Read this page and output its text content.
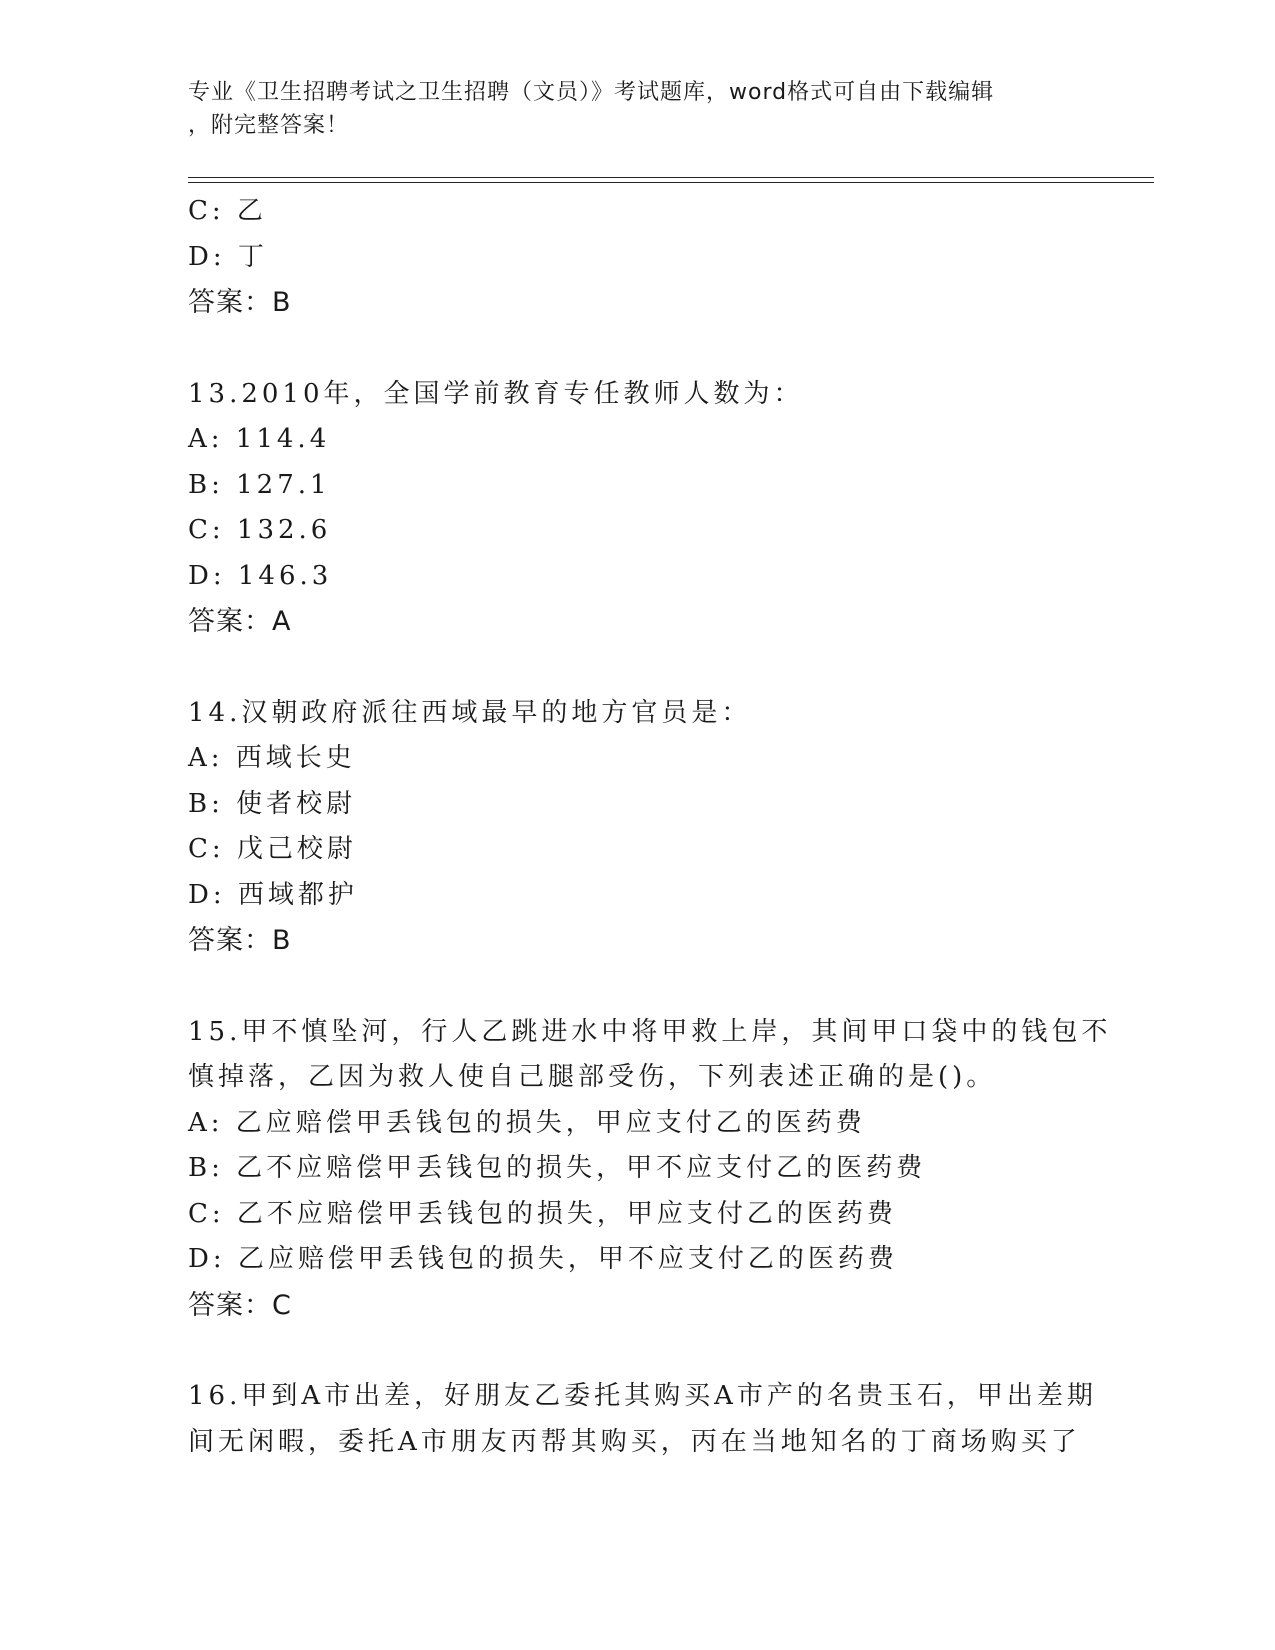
专业《卫生招聘考试之卫生招聘（文员）》考试题库，word格式可自由下载编辑
，附完整答案！
C: 乙
D: 丁
答案：B
13.2010年，全国学前教育专任教师人数为：
A: 114.4
B: 127.1
C: 132.6
D: 146.3
答案：A
14.汉朝政府派往西域最早的地方官员是：
A: 西域长史
B: 使者校尉
C: 戊己校尉
D: 西域都护
答案：B
15.甲不慎坠河，行人乙跳进水中将甲救上岸，其间甲口袋中的钱包不
慎掉落，乙因为救人使自己腿部受伤，下列表述正确的是()。
A: 乙应赔偿甲丢钱包的损失，甲应支付乙的医药费
B: 乙不应赔偿甲丢钱包的损失，甲不应支付乙的医药费
C: 乙不应赔偿甲丢钱包的损失，甲应支付乙的医药费
D: 乙应赔偿甲丢钱包的损失，甲不应支付乙的医药费
答案：C
16.甲到A市出差，好朋友乙委托其购买A市产的名贵玉石，甲出差期
间无闲暇，委托A市朋友丙帮其购买，丙在当地知名的丁商场购买了
